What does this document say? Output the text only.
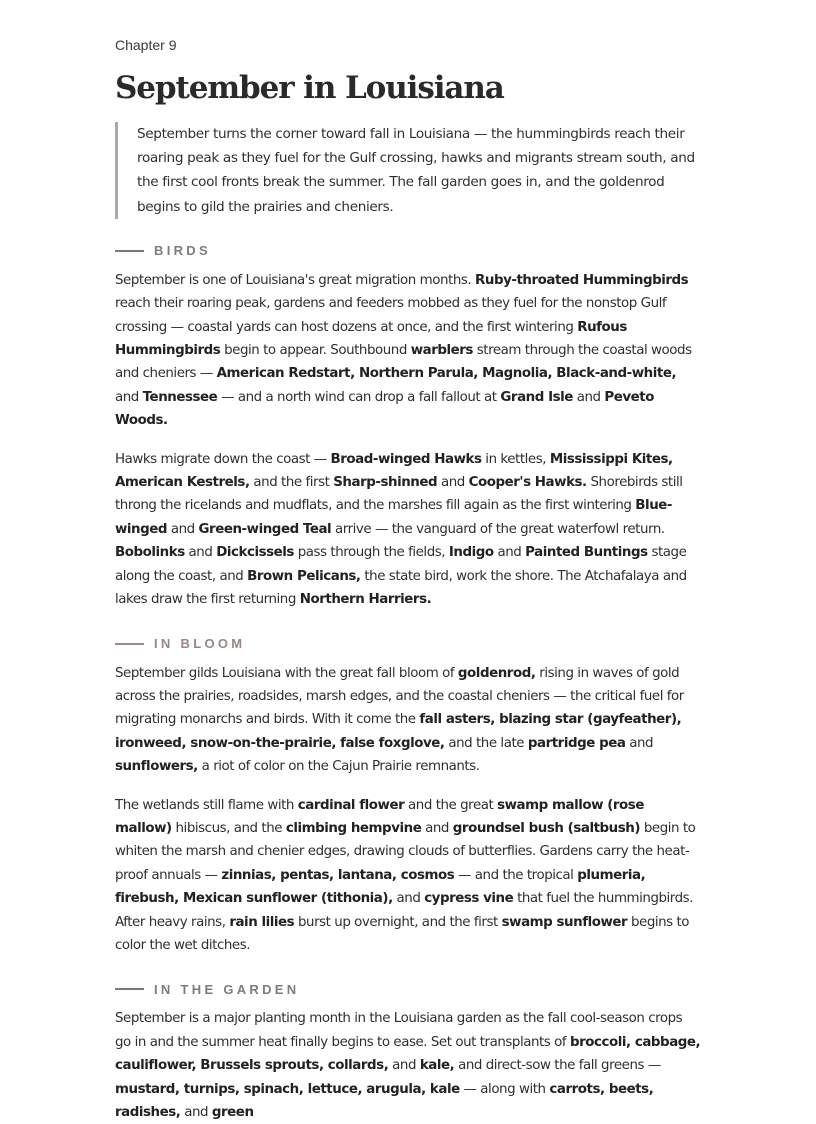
Chapter 9
September in Louisiana
September turns the corner toward fall in Louisiana — the hummingbirds reach their roaring peak as they fuel for the Gulf crossing, hawks and migrants stream south, and the first cool fronts break the summer. The fall garden goes in, and the goldenrod begins to gild the prairies and cheniers.
BIRDS

September is one of Louisiana's great migration months. Ruby-throated Hummingbirds reach their roaring peak, gardens and feeders mobbed as they fuel for the nonstop Gulf crossing — coastal yards can host dozens at once, and the first wintering Rufous Hummingbirds begin to appear. Southbound warblers stream through the coastal woods and cheniers — American Redstart, Northern Parula, Magnolia, Black-and-white, and Tennessee — and a north wind can drop a fall fallout at Grand Isle and Peveto Woods.

Hawks migrate down the coast — Broad-winged Hawks in kettles, Mississippi Kites, American Kestrels, and the first Sharp-shinned and Cooper's Hawks. Shorebirds still throng the ricelands and mudflats, and the marshes fill again as the first wintering Blue-winged and Green-winged Teal arrive — the vanguard of the great waterfowl return. Bobolinks and Dickcissels pass through the fields, Indigo and Painted Buntings stage along the coast, and Brown Pelicans, the state bird, work the shore. The Atchafalaya and lakes draw the first returning Northern Harriers.

IN BLOOM

September gilds Louisiana with the great fall bloom of goldenrod, rising in waves of gold across the prairies, roadsides, marsh edges, and the coastal cheniers — the critical fuel for migrating monarchs and birds. With it come the fall asters, blazing star (gayfeather), ironweed, snow-on-the-prairie, false foxglove, and the late partridge pea and sunflowers, a riot of color on the Cajun Prairie remnants.

The wetlands still flame with cardinal flower and the great swamp mallow (rose mallow) hibiscus, and the climbing hempvine and groundsel bush (saltbush) begin to whiten the marsh and chenier edges, drawing clouds of butterflies. Gardens carry the heat-proof annuals — zinnias, pentas, lantana, cosmos — and the tropical plumeria, firebush, Mexican sunflower (tithonia), and cypress vine that fuel the hummingbirds. After heavy rains, rain lilies burst up overnight, and the first swamp sunflower begins to color the wet ditches.

IN THE GARDEN

September is a major planting month in the Louisiana garden as the fall cool-season crops go in and the summer heat finally begins to ease. Set out transplants of broccoli, cabbage, cauliflower, Brussels sprouts, collards, and kale, and direct-sow the fall greens — mustard, turnips, spinach, lettuce, arugula, kale — along with carrots, beets, radishes, and green
